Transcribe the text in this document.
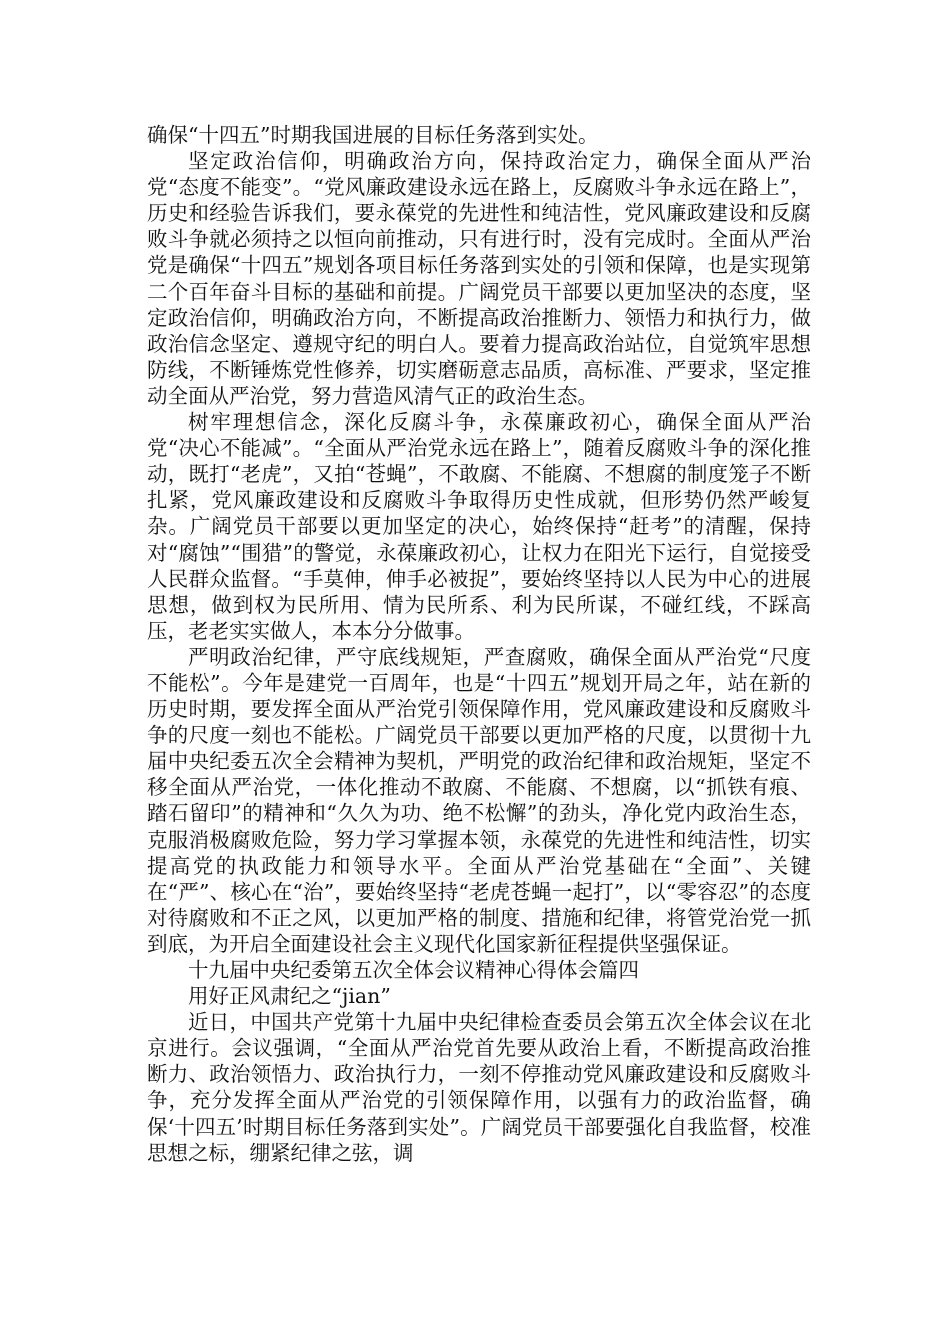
确保“十四五”时期我国进展的目标任务落到实处。

坚定政治信仰，明确政治方向，保持政治定力，确保全面从严治党“态度不能变”。“党风廉政建设永远在路上，反腐败斗争永远在路上”，历史和经验告诉我们，要永葆党的先进性和纯洁性，党风廉政建设和反腐败斗争就必须持之以恒向前推动，只有进行时，没有完成时。全面从严治党是确保“十四五”规划各项目标任务落到实处的引领和保障，也是实现第二个百年奋斗目标的基础和前提。广阔党员干部要以更加坚决的态度，坚定政治信仰，明确政治方向，不断提高政治推断力、领悟力和执行力，做政治信念坚定、遵规守纪的明白人。要着力提高政治站位，自觉筑牢思想防线，不断锤炼党性修养，切实磨砺意志品质，高标准、严要求，坚定推动全面从严治党，努力营造风清气正的政治生态。

树牢理想信念，深化反腐斗争，永葆廉政初心，确保全面从严治党“决心不能减”。“全面从严治党永远在路上”，随着反腐败斗争的深化推动，既打“老虎”，又拍“苍蝇”，不敢腐、不能腐、不想腐的制度笼子不断扎紧，党风廉政建设和反腐败斗争取得历史性成就，但形势仍然严峻复杂。广阔党员干部要以更加坚定的决心，始终保持“赶考”的清醒，保持对“腐蚀”“围猎”的警觉，永葆廉政初心，让权力在阳光下运行，自觉接受人民群众监督。“手莫伸，伸手必被捉”，要始终坚持以人民为中心的进展思想，做到权为民所用、情为民所系、利为民所谋，不碰红线，不踩高压，老老实实做人，本本分分做事。

严明政治纪律，严守底线规矩，严查腐败，确保全面从严治党“尺度不能松”。今年是建党一百周年，也是“十四五”规划开局之年，站在新的历史时期，要发挥全面从严治党引领保障作用，党风廉政建设和反腐败斗争的尺度一刻也不能松。广阔党员干部要以更加严格的尺度，以贯彻十九届中央纪委五次全会精神为契机，严明党的政治纪律和政治规矩，坚定不移全面从严治党，一体化推动不敢腐、不能腐、不想腐，以“抓铁有痕、踏石留印”的精神和“久久为功、绝不松懈”的劲头，净化党内政治生态，克服消极腐败危险，努力学习掌握本领，永葆党的先进性和纯洁性，切实提高党的执政能力和领导水平。全面从严治党基础在“全面”、关键在“严”、核心在“治”，要始终坚持“老虎苍蝇一起打”，以“零容忍”的态度对待腐败和不正之风，以更加严格的制度、措施和纪律，将管党治党一抓到底，为开启全面建设社会主义现代化国家新征程提供坚强保证。

十九届中央纪委第五次全体会议精神心得体会篇四

用好正风肃纪之“jian”

近日，中国共产党第十九届中央纪律检查委员会第五次全体会议在北京进行。会议强调，“全面从严治党首先要从政治上看，不断提高政治推断力、政治领悟力、政治执行力，一刻不停推动党风廉政建设和反腐败斗争，充分发挥全面从严治党的引领保障作用，以强有力的政治监督，确保‘十四五’时期目标任务落到实处”。广阔党员干部要强化自我监督，校准思想之标，绷紧纪律之弦，调
